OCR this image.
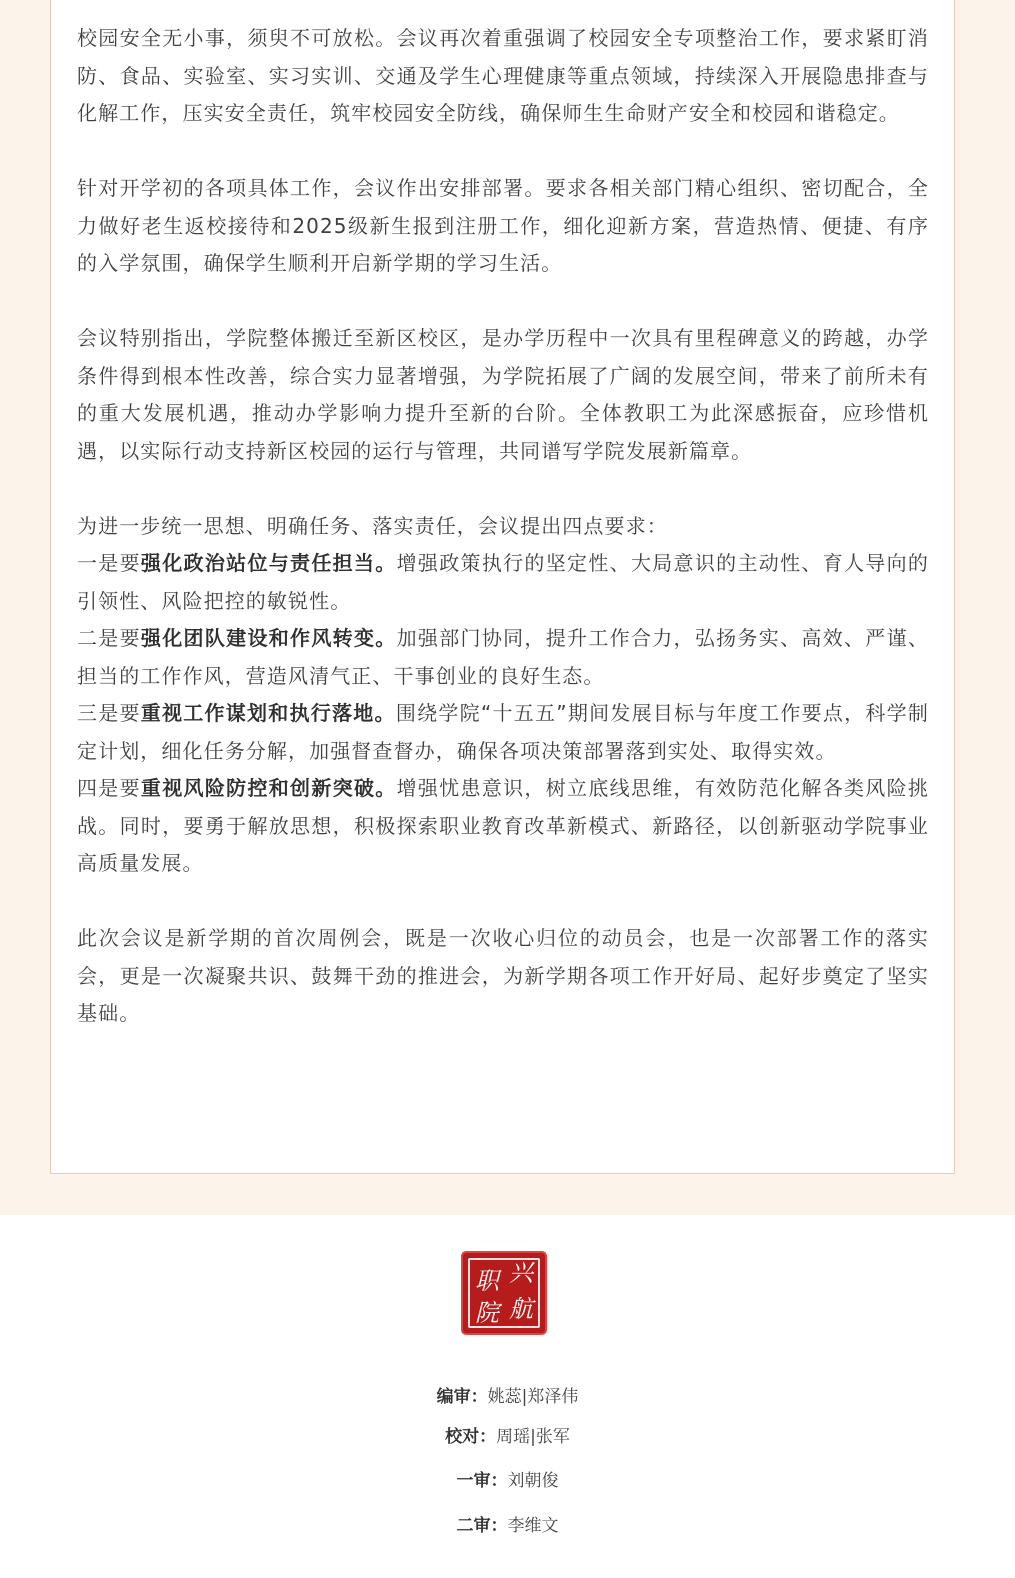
校园安全无小事，须臾不可放松。会议再次着重强调了校园安全专项整治工作，要求紧盯消防、食品、实验室、实习实训、交通及学生心理健康等重点领域，持续深入开展隐患排查与化解工作，压实安全责任，筑牢校园安全防线，确保师生生命财产安全和校园和谐稳定。

针对开学初的各项具体工作，会议作出安排部署。要求各相关部门精心组织、密切配合，全力做好老生返校接待和2025级新生报到注册工作，细化迎新方案，营造热情、便捷、有序的入学氛围，确保学生顺利开启新学期的学习生活。

会议特别指出，学院整体搬迁至新区校区，是办学历程中一次具有里程碑意义的跨越，办学条件得到根本性改善，综合实力显著增强，为学院拓展了广阔的发展空间，带来了前所未有的重大发展机遇，推动办学影响力提升至新的台阶。全体教职工为此深感振奋，应珍惜机遇，以实际行动支持新区校园的运行与管理，共同谱写学院发展新篇章。

为进一步统一思想、明确任务、落实责任，会议提出四点要求：

一是要强化政治站位与责任担当。增强政策执行的坚定性、大局意识的主动性、育人导向的引领性、风险把控的敏锐性。

二是要强化团队建设和作风转变。加强部门协同，提升工作合力，弘扬务实、高效、严谨、担当的工作作风，营造风清气正、干事创业的良好生态。

三是要重视工作谋划和执行落地。围绕学院“十五五”期间发展目标与年度工作要点，科学制定计划，细化任务分解，加强督查督办，确保各项决策部署落到实处、取得实效。

四是要重视风险防控和创新突破。增强忧患意识，树立底线思维，有效防范化解各类风险挑战。同时，要勇于解放思想，积极探索职业教育改革新模式、新路径，以创新驱动学院事业高质量发展。

此次会议是新学期的首次周例会，既是一次收心归位的动员会，也是一次部署工作的落实会，更是一次凝聚共识、鼓舞干劲的推进会，为新学期各项工作开好局、起好步奠定了坚实基础。

兴
职
航
院
编审：姚蕊|郑泽伟
校对：周瑶|张军
一审：刘朝俊
二审：李维文
